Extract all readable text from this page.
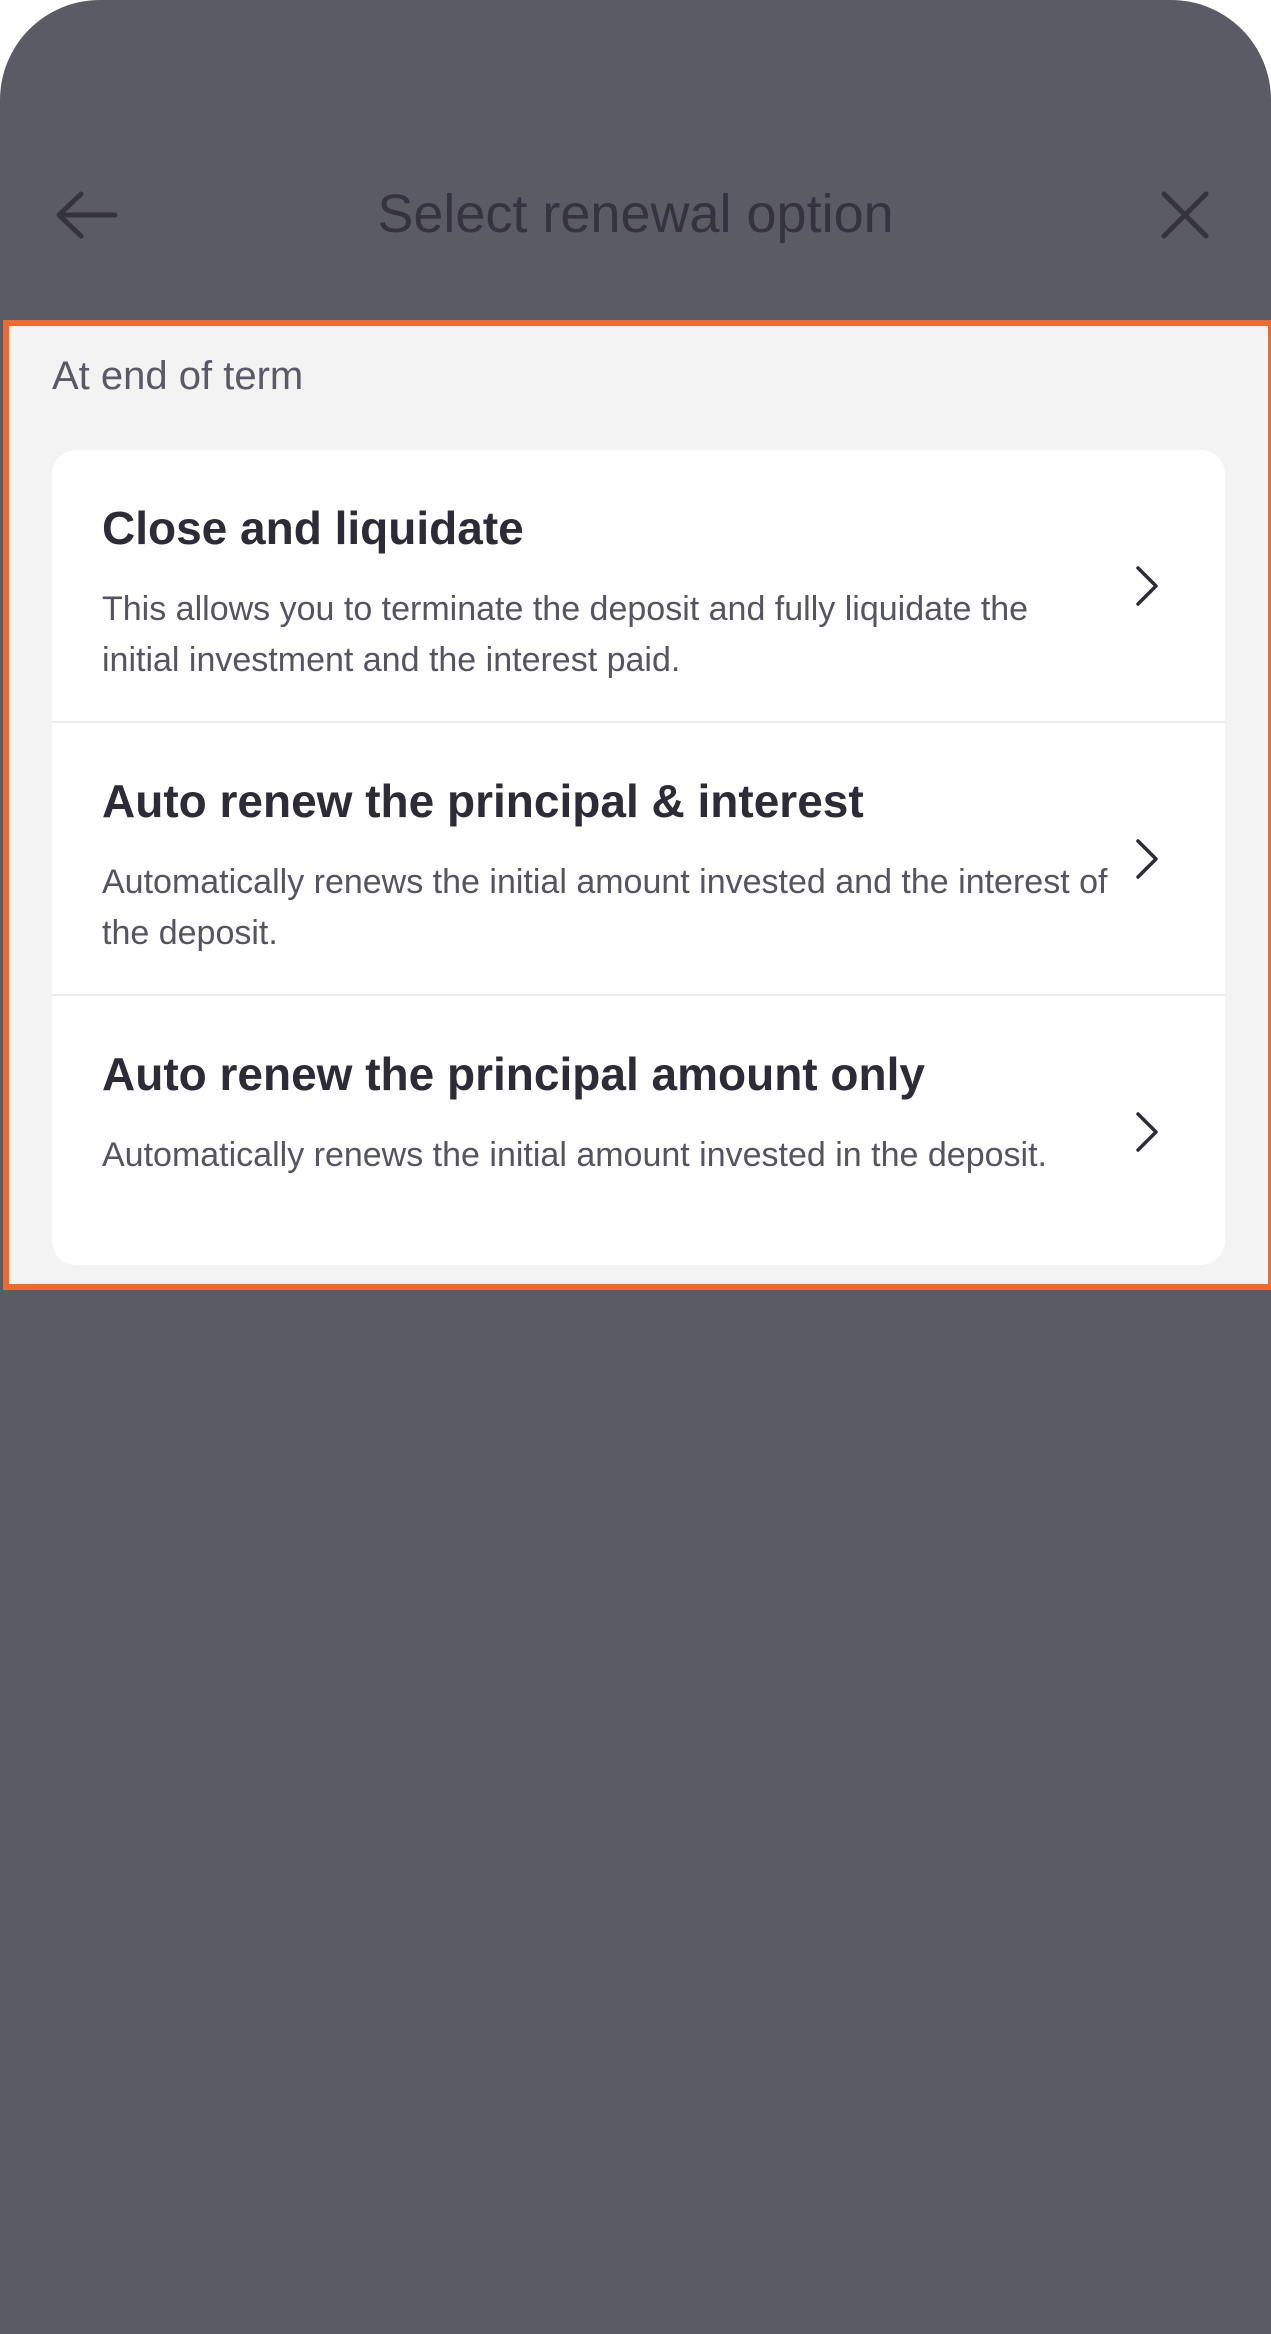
Select renewal option
At end of term
Close and liquidate
This allows you to terminate the deposit and fully liquidate the initial investment and the interest paid.
Auto renew the principal & interest
Automatically renews the initial amount invested and the interest of the deposit.
Auto renew the principal amount only
Automatically renews the initial amount invested in the deposit.
